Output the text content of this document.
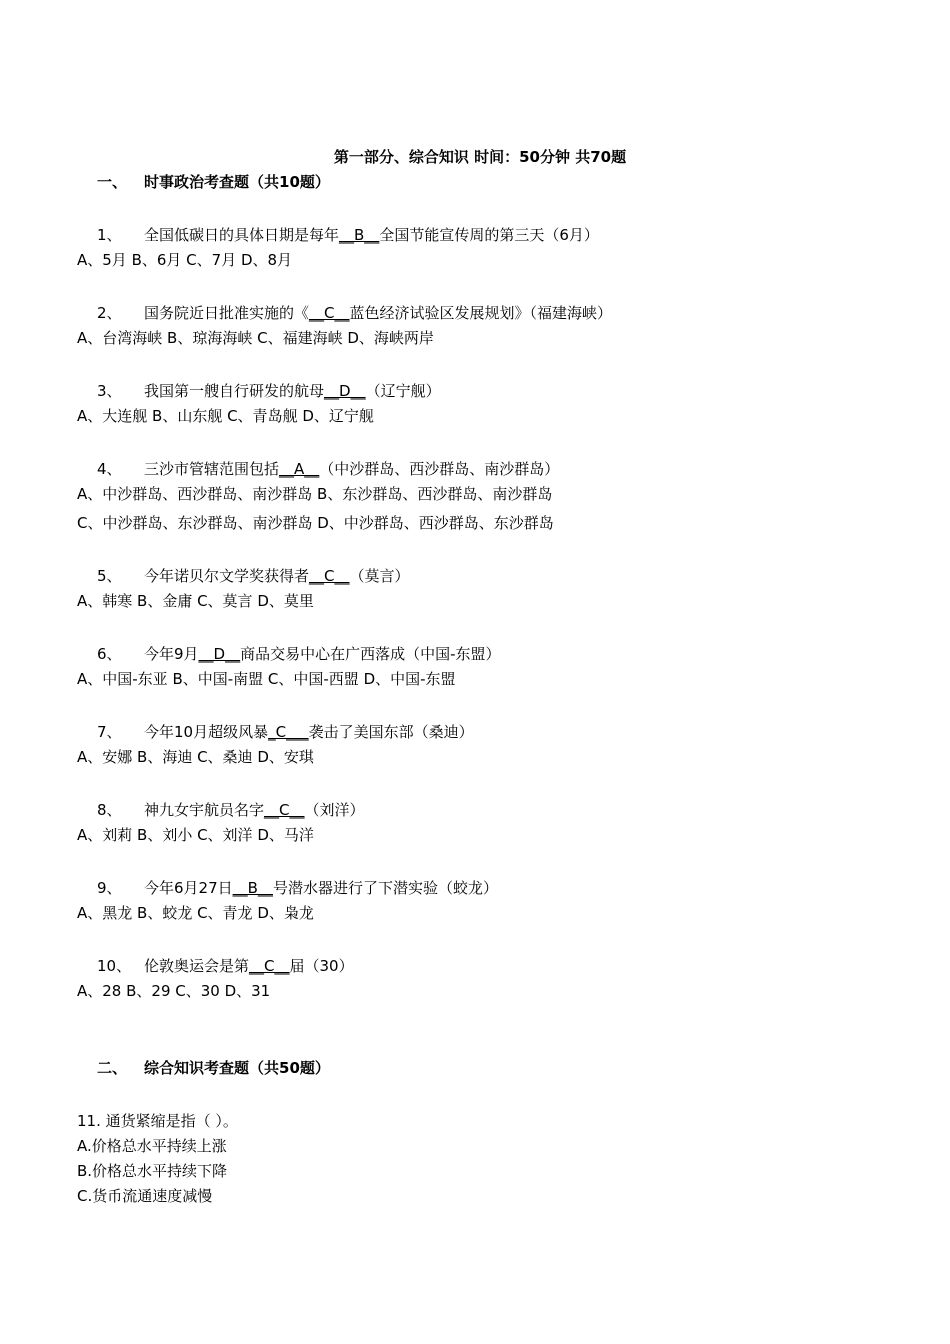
第一部分、综合知识 时间：50分钟 共70题
一、 时事政治考查题（共10题）
1、 全国低碳日的具体日期是每年__B__全国节能宣传周的第三天（6月）
A、5月 B、6月 C、7月 D、8月
2、 国务院近日批准实施的《__C__蓝色经济试验区发展规划》（福建海峡）
A、台湾海峡 B、琼海海峡 C、福建海峡 D、海峡两岸
3、 我国第一艘自行研发的航母__D__（辽宁舰）
A、大连舰 B、山东舰 C、青岛舰 D、辽宁舰
4、 三沙市管辖范围包括__A__（中沙群岛、西沙群岛、南沙群岛）
A、中沙群岛、西沙群岛、南沙群岛 B、东沙群岛、西沙群岛、南沙群岛
C、中沙群岛、东沙群岛、南沙群岛 D、中沙群岛、西沙群岛、东沙群岛
5、 今年诺贝尔文学奖获得者__C__（莫言）
A、韩寒 B、金庸 C、莫言 D、莫里
6、 今年9月__D__商品交易中心在广西落成（中国-东盟）
A、中国-东亚 B、中国-南盟 C、中国-西盟 D、中国-东盟
7、 今年10月超级风暴_C___袭击了美国东部（桑迪）
A、安娜 B、海迪 C、桑迪 D、安琪
8、 神九女宇航员名字__C__（刘洋）
A、刘莉 B、刘小 C、刘洋 D、马洋
9、 今年6月27日__B__号潜水器进行了下潜实验（蛟龙）
A、黑龙 B、蛟龙 C、青龙 D、枭龙
10、 伦敦奥运会是第__C__届（30）
A、28 B、29 C、30 D、31
二、 综合知识考查题（共50题）
11. 通货紧缩是指（ ）。
A.价格总水平持续上涨
B.价格总水平持续下降
C.货币流通速度减慢
